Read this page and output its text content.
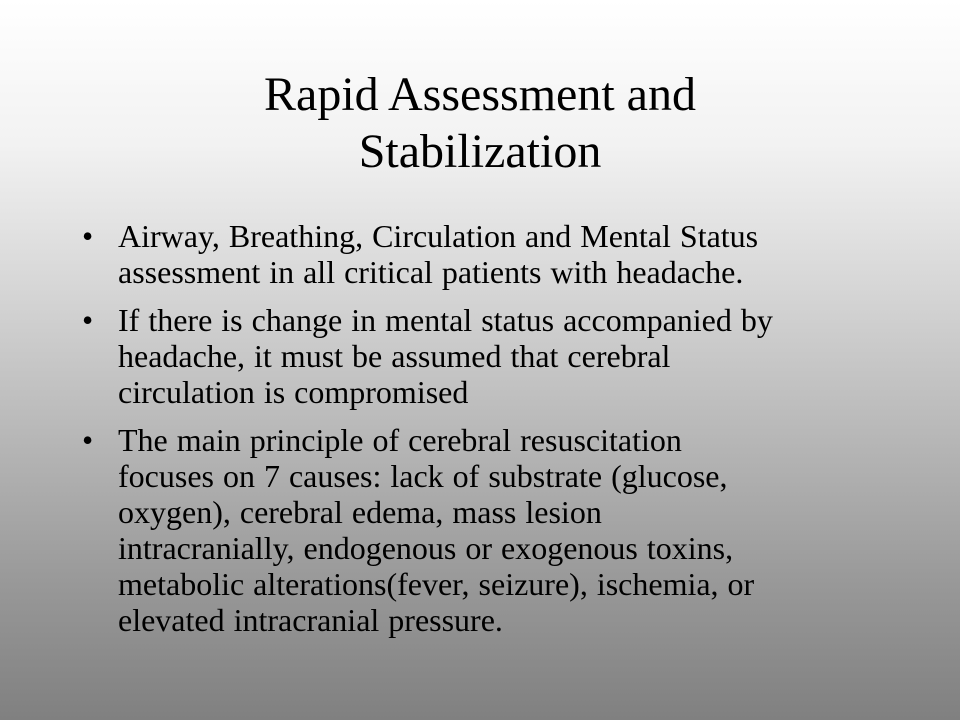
Rapid Assessment and
Stabilization
• Airway, Breathing, Circulation and Mental Status
assessment in all critical patients with headache.
• If there is change in mental status accompanied by
headache, it must be assumed that cerebral
circulation is compromised
• The main principle of cerebral resuscitation
focuses on 7 causes: lack of substrate (glucose,
oxygen), cerebral edema, mass lesion
intracranially, endogenous or exogenous toxins,
metabolic alterations(fever, seizure), ischemia, or
elevated intracranial pressure.
